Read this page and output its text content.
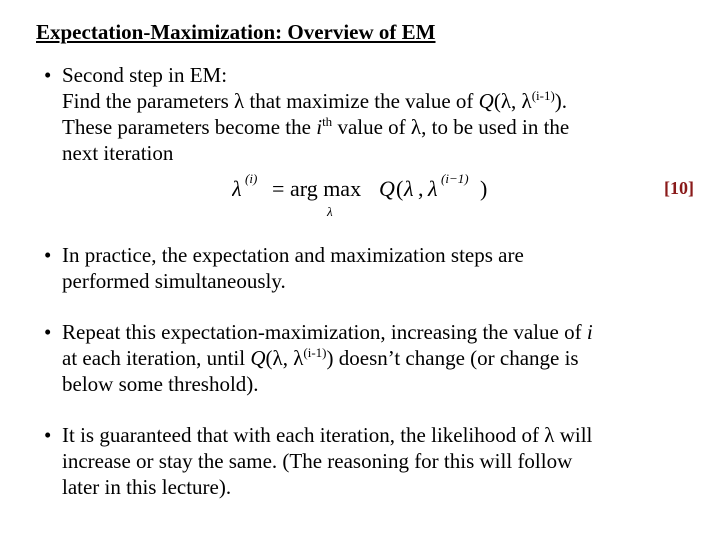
Expectation-Maximization: Overview of EM
• Second step in EM:
Find the parameters λ that maximize the value of Q(λ, $\lambda^{(i-1)}$).
These parameters become the $i^{th}$ value of λ, to be used in the
next iteration
λ (i) = arg max
λ
Q ( λ , λ (i−1) )	[10]
• In practice, the expectation and maximization steps are
performed simultaneously.
• Repeat this expectation-maximization, increasing the value of i
at each iteration, until Q(λ, $\lambda^{(i-1)}$) doesn’t change (or change is
below some threshold).
• It is guaranteed that with each iteration, the likelihood of λ will
increase or stay the same. (The reasoning for this will follow
later in this lecture).
